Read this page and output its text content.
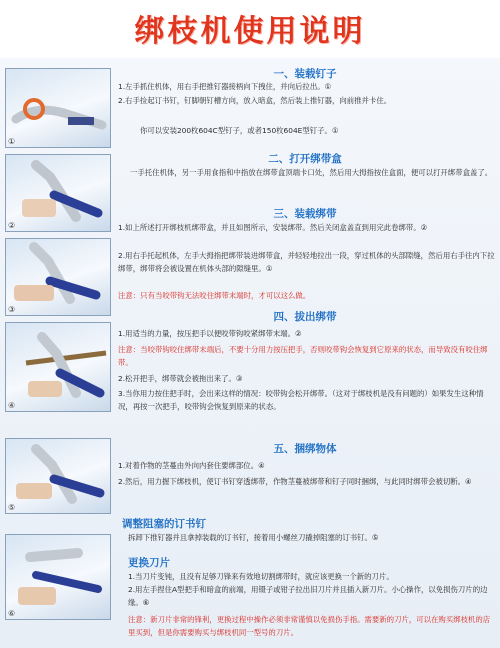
绑枝机使用说明
①
②
③
④
⑤
⑥
一、装载钉子
1.左手抓住机体，用右手把推钉器接柄向下拽住，并向后拉出。①
2.右手捡起订书钉，钉脚朝钉槽方向，放入暗盒，然后装上推钉器，向前推并卡住。
你可以安装200枚604C型钉子，或者150枚604E型钉子。①
二、打开绑带盒
一手托住机体，另一手用食指和中指放在绑带盒顶端卡口处，然后用大拇指按住盒面，便可以打开绑带盒盖了。
三、装载绑带
1.如上所述打开绑枝机绑带盒，并且如图所示，安装绑带。然后关闭盒盖直到用完此卷绑带。②
2.用右手托起机体，左手大拇指把绑带装进绑带盒，并轻轻地拉出一段，穿过机体的头部隙缝，然后用右手往内下拉绑带，绑带将会被设置在机体头部的隙缝里。①
注意：只有当咬带钩无法咬住绑带末端时，才可以这么做。
四、拔出绑带
1.用适当的力量，按压把手以便咬带钩咬紧绑带末端。②
注意：当咬带钩咬住绑带末端后，不要十分用力按压把手，否则咬带钩会恢复到它原来的状态，而导致没有咬住绑带。
2.松开把手，绑带就会被拖出来了。③
3.当你用力按住把手时，会出来这样的情况：咬带钩会松开绑带。（这对于绑枝机是没有问题的）如果发生这种情况，再按一次把手，咬带钩会恢复到原来的状态。
五、捆绑物体
1.对着作物的茎蔓由外向内套住要绑部位。④
2.然后，用力握下绑枝机，使订书钉穿透绑带，作物茎蔓被绑带和钉子同时捆绑，与此同时绑带会被切断。④
调整阻塞的订书钉
拆卸下推钉器并且拿掉装载的订书钉，接着用小螺丝刀撬掉阻塞的订书钉。⑤
更换刀片
1.当刀片变钝，且没有足够刀锋来有效地切割绑带时，就应该更换一个新的刀片。
2.用左手捏住A型把手和暗盒的前端，用镊子或钳子拉出旧刀片并且插入新刀片。小心操作，以免损伤刀片的边缘。⑥
注意：新刀片非常的锋利，更换过程中操作必须非常谨慎以免损伤手指。需要新的刀片，可以在购买绑枝机的店里买到，但是你需要购买与绑枝机同一型号的刀片。
